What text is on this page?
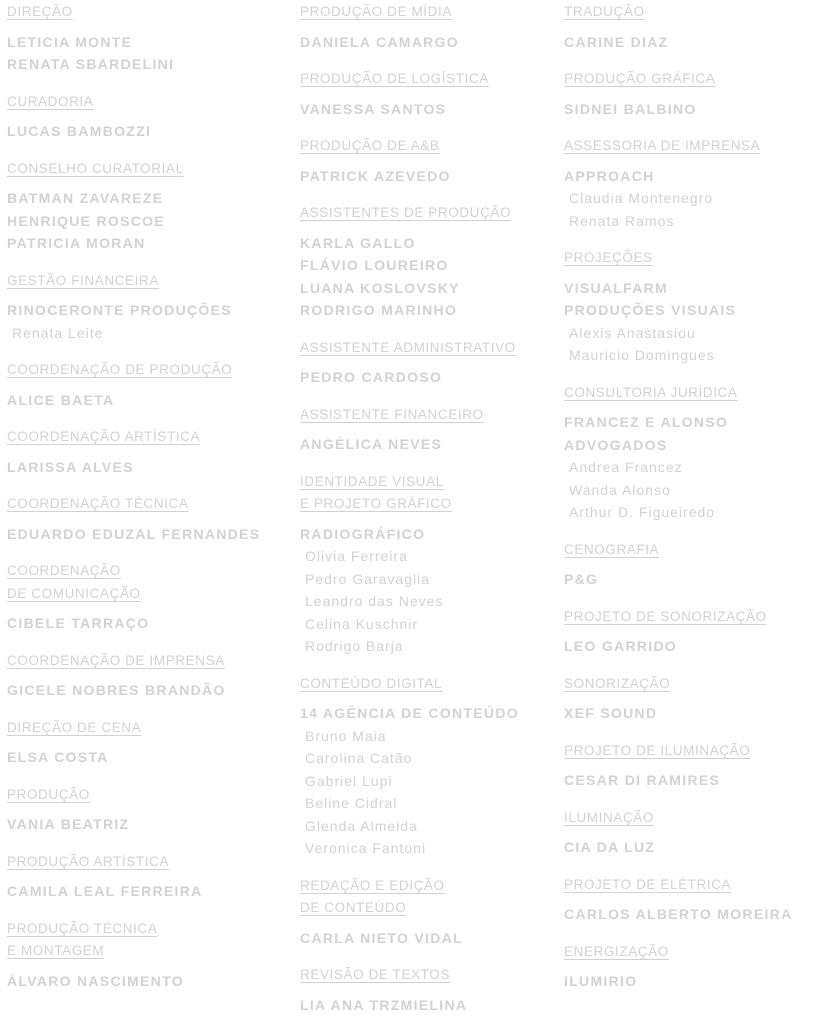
DIREÇÃO
LETICIA MONTE
RENATA SBARDELINI
CURADORIA
LUCAS BAMBOZZI
CONSELHO CURATORIAL
BATMAN ZAVAREZE
HENRIQUE ROSCOE
PATRICIA MORAN
GESTÃO FINANCEIRA
RINOCERONTE PRODUÇÕES
Renata Leite
COORDENAÇÃO DE PRODUÇÃO
ALICE BAETA
COORDENAÇÃO ARTÍSTICA
LARISSA ALVES
COORDENAÇÃO TÉCNICA
EDUARDO EDUZAL FERNANDES
COORDENAÇÃO
DE COMUNICAÇÃO
CIBELE TARRAÇO
COORDENAÇÃO DE IMPRENSA
GICELE NOBRES BRANDÃO
DIREÇÃO DE CENA
ELSA COSTA
PRODUÇÃO
VANIA BEATRIZ
PRODUÇÃO ARTÍSTICA
CAMILA LEAL FERREIRA
PRODUÇÃO TÉCNICA
E MONTAGEM
ÁLVARO NASCIMENTO
PRODUÇÃO DE MÍDIA
DANIELA CAMARGO
PRODUÇÃO DE LOGÍSTICA
VANESSA SANTOS
PRODUÇÃO DE A&B
PATRICK AZEVEDO
ASSISTENTES DE PRODUÇÃO
KARLA GALLO
FLÁVIO LOUREIRO
LUANA KOSLOVSKY
RODRIGO MARINHO
ASSISTENTE ADMINISTRATIVO
PEDRO CARDOSO
ASSISTENTE FINANCEIRO
ANGÉLICA NEVES
IDENTIDADE VISUAL
E PROJETO GRÁFICO
RADIOGRÁFICO
Olivia Ferreira
Pedro Garavaglia
Leandro das Neves
Celina Kuschnir
Rodrigo Barja
CONTEÚDO DIGITAL
14 AGÊNCIA DE CONTEÚDO
Bruno Maia
Carolina Catão
Gabriel Lupi
Beline Cidral
Glenda Almeida
Veronica Fantoni
REDAÇÃO E EDIÇÃO
DE CONTEÚDO
CARLA NIETO VIDAL
REVISÃO DE TEXTOS
LIA ANA TRZMIELINA
TRADUÇÃO
CARINE DIAZ
PRODUÇÃO GRÁFICA
SIDNEI BALBINO
ASSESSORIA DE IMPRENSA
APPROACH
Claudia Montenegro
Renata Ramos
PROJEÇÕES
VISUALFARM
PRODUÇÕES VISUAIS
Alexis Anastasiou
Mauricio Domingues
CONSULTORIA JURÍDICA
FRANCEZ E ALONSO
ADVOGADOS
Andrea Francez
Wanda Alonso
Arthur D. Figueiredo
CENOGRAFIA
P&G
PROJETO DE SONORIZAÇÃO
LEO GARRIDO
SONORIZAÇÃO
XEF SOUND
PROJETO DE ILUMINAÇÃO
CESAR DI RAMIRES
ILUMINAÇÃO
CIA DA LUZ
PROJETO DE ELÉTRICA
CARLOS ALBERTO MOREIRA
ENERGIZAÇÃO
ILUMIRIO
